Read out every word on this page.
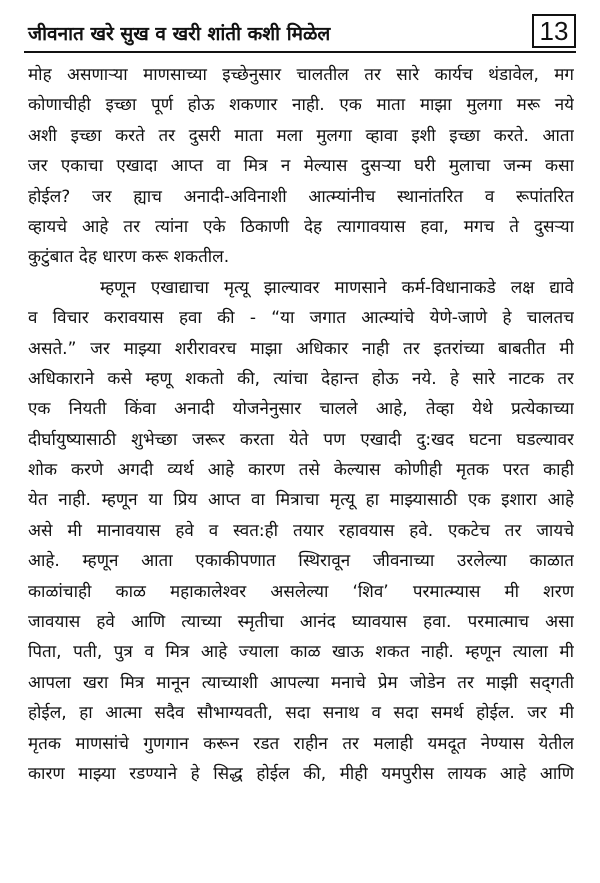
जीवनात खरे सुख व खरी शांती कशी मिळेल	13
मोह असणाऱ्या माणसाच्या इच्छेनुसार चालतील तर सारे कार्यच थंडावेल, मग
कोणाचीही इच्छा पूर्ण होऊ शकणार नाही. एक माता माझा मुलगा मरू नये
अशी इच्छा करते तर दुसरी माता मला मुलगा व्हावा इशी इच्छा करते. आता
जर एकाचा एखादा आप्त वा मित्र न मेल्यास दुसऱ्या घरी मुलाचा जन्म कसा
होईल? जर ह्याच अनादी-अविनाशी आत्म्यांनीच स्थानांतरित व रूपांतरित
व्हायचे आहे तर त्यांना एके ठिकाणी देह त्यागावयास हवा, मगच ते दुसऱ्या
कुटुंबात देह धारण करू शकतील.
म्हणून एखाद्याचा मृत्यू झाल्यावर माणसाने कर्म-विधानाकडे लक्ष द्यावे
व विचार करावयास हवा की - “या जगात आत्म्यांचे येणे-जाणे हे चालतच
असते.” जर माझ्या शरीरावरच माझा अधिकार नाही तर इतरांच्या बाबतीत मी
अधिकाराने कसे म्हणू शकतो की, त्यांचा देहान्त होऊ नये. हे सारे नाटक तर
एक नियती किंवा अनादी योजनेनुसार चालले आहे, तेव्हा येथे प्रत्येकाच्या
दीर्घायुष्यासाठी शुभेच्छा जरूर करता येते पण एखादी दु:खद घटना घडल्यावर
शोक करणे अगदी व्यर्थ आहे कारण तसे केल्यास कोणीही मृतक परत काही
येत नाही. म्हणून या प्रिय आप्त वा मित्राचा मृत्यू हा माझ्यासाठी एक इशारा आहे
असे मी मानावयास हवे व स्वत:ही तयार रहावयास हवे. एकटेच तर जायचे
आहे. म्हणून आता एकाकीपणात स्थिरावून जीवनाच्या उरलेल्या काळात
काळांचाही काळ महाकालेश्वर असलेल्या ‘शिव’ परमात्म्यास मी शरण
जावयास हवे आणि त्याच्या स्मृतीचा आनंद घ्यावयास हवा. परमात्माच असा
पिता, पती, पुत्र व मित्र आहे ज्याला काळ खाऊ शकत नाही. म्हणून त्याला मी
आपला खरा मित्र मानून त्याच्याशी आपल्या मनाचे प्रेम जोडेन तर माझी सद्‌गती
होईल, हा आत्मा सदैव सौभाग्यवती, सदा सनाथ व सदा समर्थ होईल. जर मी
मृतक माणसांचे गुणगान करून रडत राहीन तर मलाही यमदूत नेण्यास येतील
कारण माझ्या रडण्याने हे सिद्ध होईल की, मीही यमपुरीस लायक आहे आणि
